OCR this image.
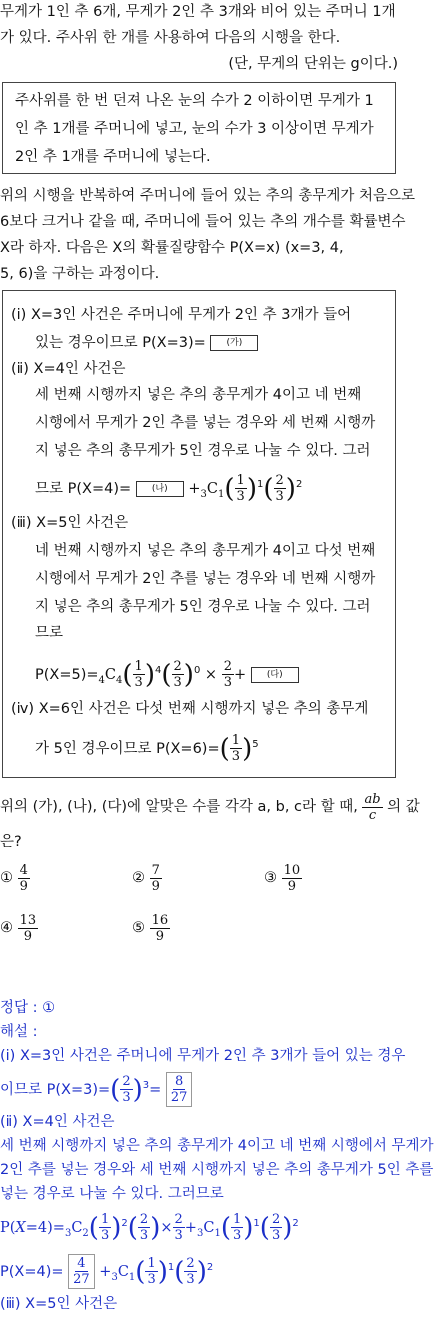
무게가 1인 추 6개, 무게가 2인 추 3개와 비어 있는 주머니 1개
가 있다. 주사위 한 개를 사용하여 다음의 시행을 한다.
(단, 무게의 단위는 g이다.)
주사위를 한 번 던져 나온 눈의 수가 2 이하이면 무게가 1
인 추 1개를 주머니에 넣고, 눈의 수가 3 이상이면 무게가
2인 추 1개를 주머니에 넣는다.
위의 시행을 반복하여 주머니에 들어 있는 추의 총무게가 처음으로
6보다 크거나 같을 때, 주머니에 들어 있는 추의 개수를 확률변수
X라 하자. 다음은 X의 확률질량함수 P(X=x) (x=3, 4,
5, 6)을 구하는 과정이다.
(ⅰ) X=3인 사건은 주머니에 무게가 2인 추 3개가 들어
있는 경우이므로 P(X=3)= (가)
(ⅱ) X=4인 사건은
세 번째 시행까지 넣은 추의 총무게가 4이고 네 번째
시행에서 무게가 2인 추를 넣는 경우와 세 번째 시행까
지 넣은 추의 총무게가 5인 경우로 나눌 수 있다. 그러
므로 P(X=4)= (나) $+_3C_1( \frac{1}{3} )^1( \frac{2}{3} )^2$
(ⅲ) X=5인 사건은
네 번째 시행까지 넣은 추의 총무게가 4이고 다섯 번째
시행에서 무게가 2인 추를 넣는 경우와 네 번째 시행까
지 넣은 추의 총무게가 5인 경우로 나눌 수 있다. 그러
므로
$P(X=5)=_4C_4( \frac{1}{3} )^4( \frac{2}{3} )^0 \times \frac{2}{3}$ + (다)
(ⅳ) X=6인 사건은 다섯 번째 시행까지 넣은 추의 총무게
가 5인 경우이므로 $P(X=6)=( \frac{1}{3} )^5$
위의 (가), (나), (다)에 알맞은 수를 각각 a, b, c라 할 때, $\frac{ab}{c}$ 의 값
은?
① $\frac{4}{9}$	② $\frac{7}{9}$	③ $\frac{10}{9}$
④ $\frac{13}{9}$	⑤ $\frac{16}{9}$
정답 : ①
해설 :
(ⅰ) X=3인 사건은 주머니에 무게가 2인 추 3개가 들어 있는 경우
이므로 $P(X=3)=( \frac{2}{3} )^3= \frac{8}{27}$
(ⅱ) X=4인 사건은
세 번째 시행까지 넣은 추의 총무게가 4이고 네 번째 시행에서 무게가
2인 추를 넣는 경우와 세 번째 시행까지 넣은 추의 총무게가 5인 추를
넣는 경우로 나눌 수 있다. 그러므로
$P(X=4)=_3C_2( \frac{1}{3} )^2( \frac{2}{3}$ )× $\frac{2}{3} +_3C_1( \frac{1}{3} )^1( \frac{2}{3} )^2$
$P(X=4)= \frac{4}{27} +_3C_1( \frac{1}{3} )^1( \frac{2}{3} )^2$
(ⅲ) X=5인 사건은
